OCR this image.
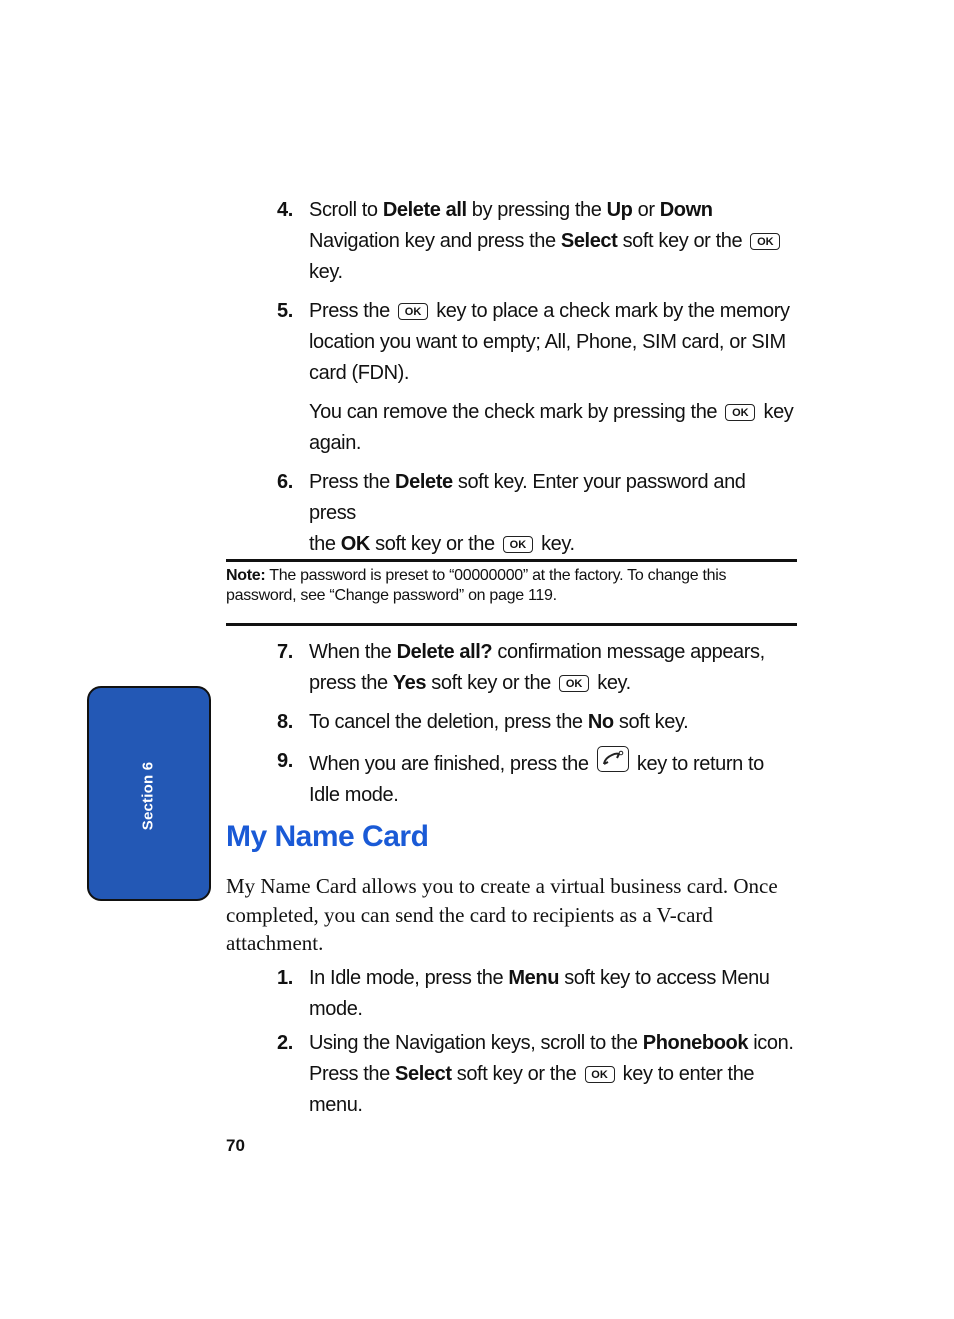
4. Scroll to Delete all by pressing the Up or Down
Navigation key and press the Select soft key or the OK
key.
5. Press the OK key to place a check mark by the memory
location you want to empty; All, Phone, SIM card, or SIM
card (FDN).
You can remove the check mark by pressing the OK key
again.
6. Press the Delete soft key. Enter your password and press
the OK soft key or the OK key.
Note: The password is preset to “00000000” at the factory. To change this password, see “Change password” on page 119.
7. When the Delete all? confirmation message appears,
press the Yes soft key or the OK key.
8. To cancel the deletion, press the No soft key.
9. When you are finished, press the
key to return to
Idle mode.
Section 6
My Name Card
My Name Card allows you to create a virtual business card. Once completed, you can send the card to recipients as a V-card attachment.
1. In Idle mode, press the Menu soft key to access Menu
mode.
2. Using the Navigation keys, scroll to the Phonebook icon.
Press the Select soft key or the OK key to enter the
menu.
70
